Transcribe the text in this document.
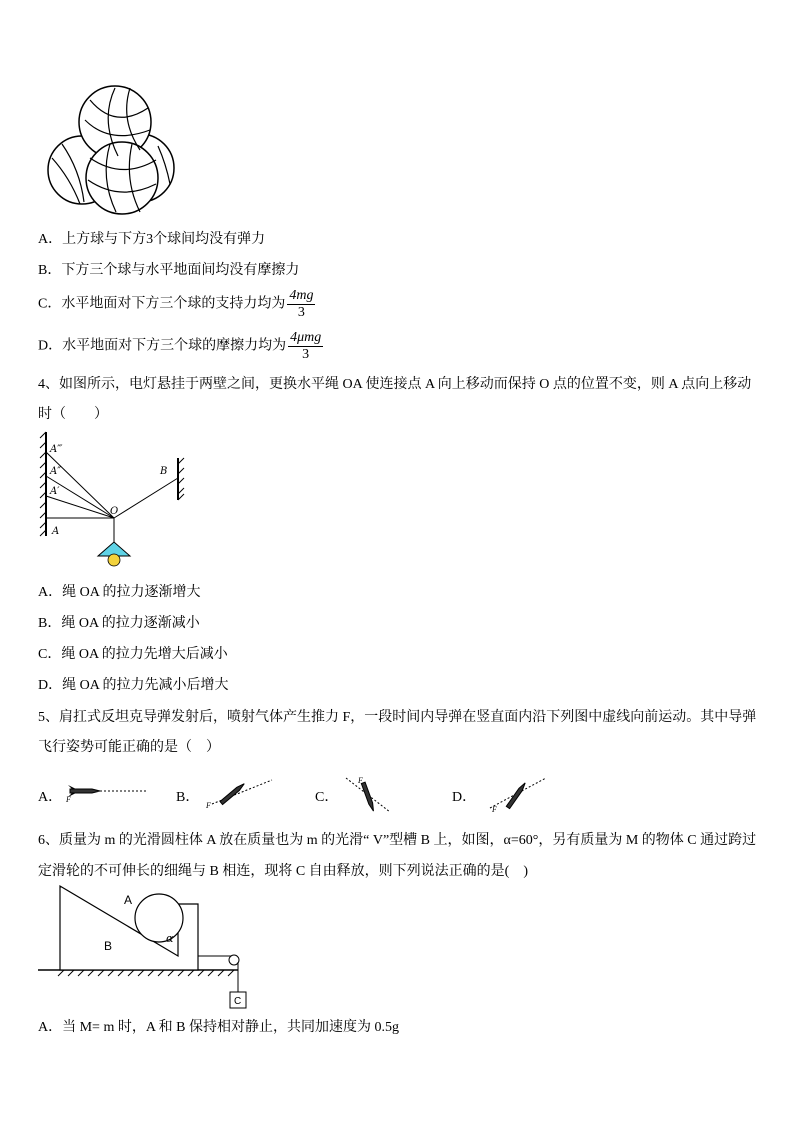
A．上方球与下方3个球间均没有弹力
B．下方三个球与水平地面间均没有摩擦力
C．水平地面对下方三个球的支持力均为 $\frac{4mg}{3}$
D．水平地面对下方三个球的摩擦力均为 $\frac{\text{4μmg}}{3}$
4、如图所示，电灯悬挂于两壁之间，更换水平绳 OA 使连接点 A 向上移动而保持 O 点的位置不变，则 A 点向上移动
时（　　）
A‴
A″
A′
A
O
B
A．绳 OA 的拉力逐渐增大
B．绳 OA 的拉力逐渐减小
C．绳 OA 的拉力先增大后减小
D．绳 OA 的拉力先减小后增大
5、肩扛式反坦克导弹发射后，喷射气体产生推力 F，一段时间内导弹在竖直面内沿下列图中虚线向前运动。其中导弹
飞行姿势可能正确的是（　）
A． F	B．
F
C．
F
D．
F
6、质量为 m 的光滑圆柱体 A 放在质量也为 m 的光滑“ V”型槽 B 上，如图，α=60°，另有质量为 M 的物体 C 通过跨过
定滑轮的不可伸长的细绳与 B 相连，现将 C 自由释放，则下列说法正确的是(　)
A
B
α
C
A．当 M= m 时，A 和 B 保持相对静止，共同加速度为 0.5g
